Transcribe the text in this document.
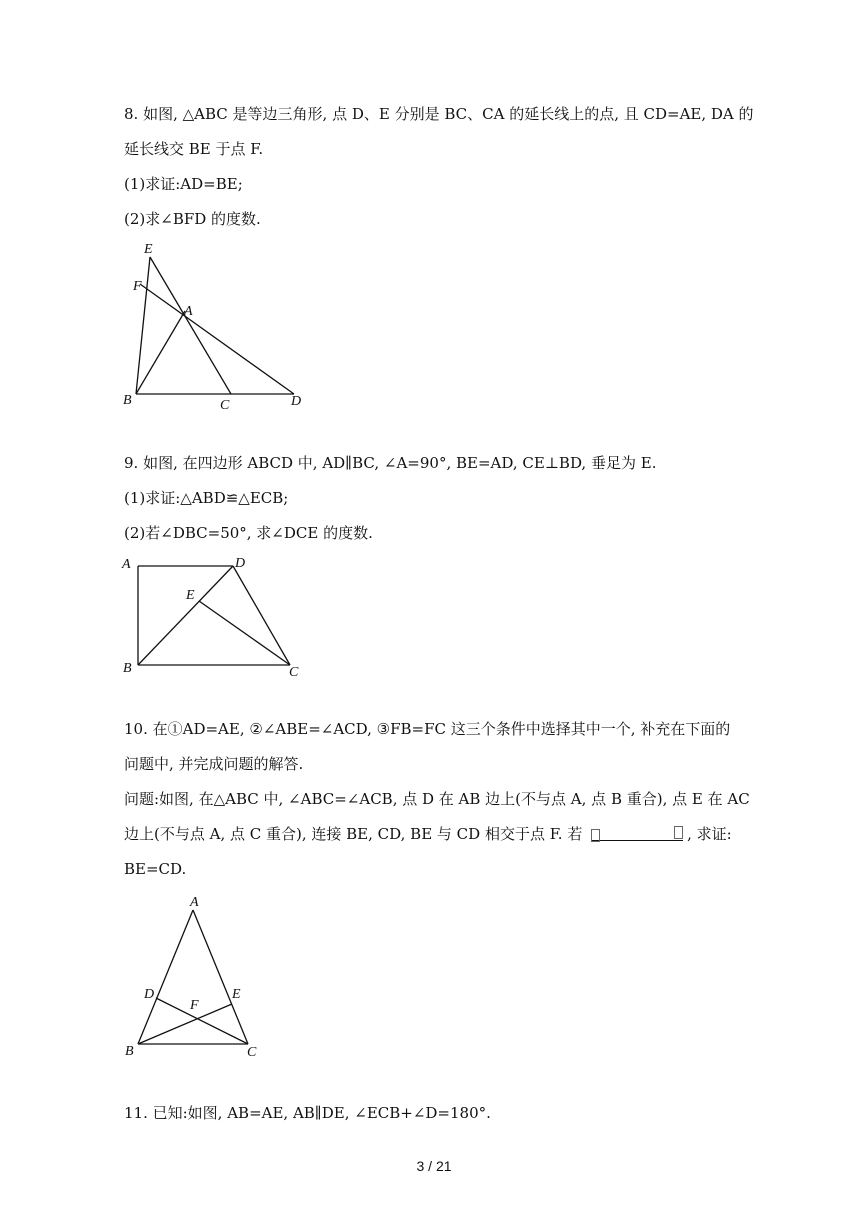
8. 如图, △ABC 是等边三角形, 点 D、E 分别是 BC、CA 的延长线上的点, 且 CD=AE, DA 的
延长线交 BE 于点 F.
(1)求证:AD=BE;
(2)求∠BFD 的度数.
E
F
A
B	C	D
9. 如图, 在四边形 ABCD 中, AD∥BC, ∠A=90°, BE=AD, CE⊥BD, 垂足为 E.
(1)求证:△ABD≌△ECB;
(2)若∠DBC=50°, 求∠DCE 的度数.
A	D
E
B	C
10. 在①AD=AE, ②∠ABE=∠ACD, ③FB=FC 这三个条件中选择其中一个, 补充在下面的
问题中, 并完成问题的解答.
问题:如图, 在△ABC 中, ∠ABC=∠ACB, 点 D 在 AB 边上(不与点 A, 点 B 重合), 点 E 在 AC
边上(不与点 A, 点 C 重合), 连接 BE, CD, BE 与 CD 相交于点 F. 若	, 求证:
BE=CD.
A
D	E
F
B	C
11. 已知:如图, AB=AE, AB∥DE, ∠ECB+∠D=180°.
3 / 21
